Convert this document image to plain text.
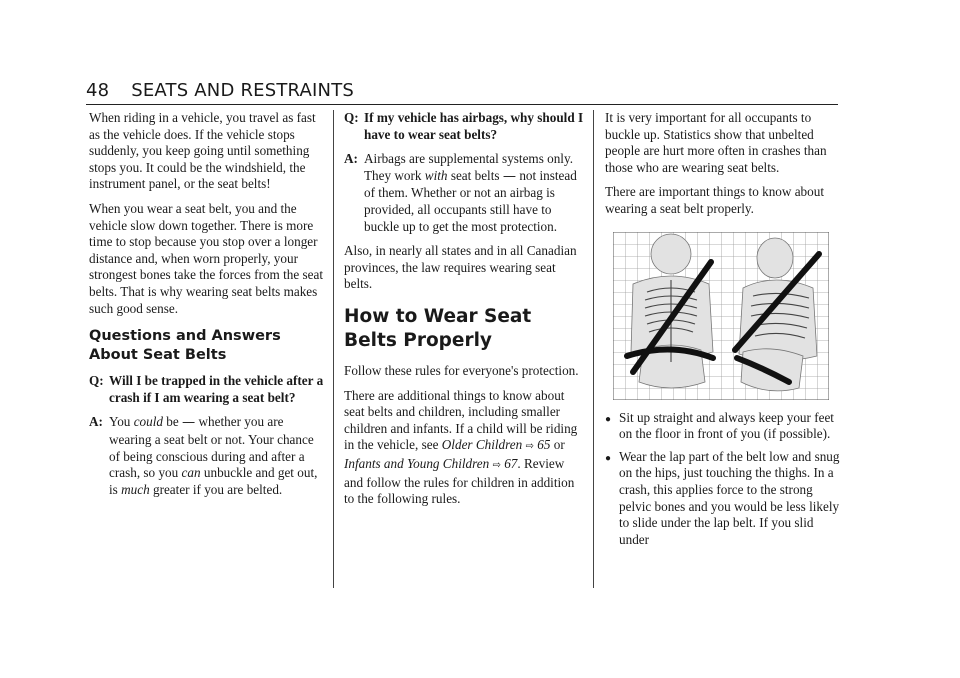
48 SEATS AND RESTRAINTS

When riding in a vehicle, you travel as fast as the vehicle does. If the vehicle stops suddenly, you keep going until something stops you. It could be the windshield, the instrument panel, or the seat belts!

When you wear a seat belt, you and the vehicle slow down together. There is more time to stop because you stop over a longer distance and, when worn properly, your strongest bones take the forces from the seat belts. That is why wearing seat belts makes such good sense.

Questions and Answers About Seat Belts
Q: Will I be trapped in the vehicle after a crash if I am wearing a seat belt?
A: You could be — whether you are wearing a seat belt or not. Your chance of being conscious during and after a crash, so you can unbuckle and get out, is much greater if you are belted.
Q: If my vehicle has airbags, why should I have to wear seat belts?
A: Airbags are supplemental systems only. They work with seat belts — not instead of them. Whether or not an airbag is provided, all occupants still have to buckle up to get the most protection.

Also, in nearly all states and in all Canadian provinces, the law requires wearing seat belts.

How to Wear Seat Belts Properly

Follow these rules for everyone's protection.

There are additional things to know about seat belts and children, including smaller children and infants. If a child will be riding in the vehicle, see Older Children ⇨ 65 or
Infants and Young Children ⇨ 67. Review and follow the rules for children in addition to the following rules.

It is very important for all occupants to buckle up. Statistics show that unbelted people are hurt more often in crashes than those who are wearing seat belts.

There are important things to know about wearing a seat belt properly.

● Sit up straight and always keep your feet on the floor in front of you (if possible).
● Wear the lap part of the belt low and snug on the hips, just touching the thighs. In a crash, this applies force to the strong pelvic bones and you would be less likely to slide under the lap belt. If you slid under
